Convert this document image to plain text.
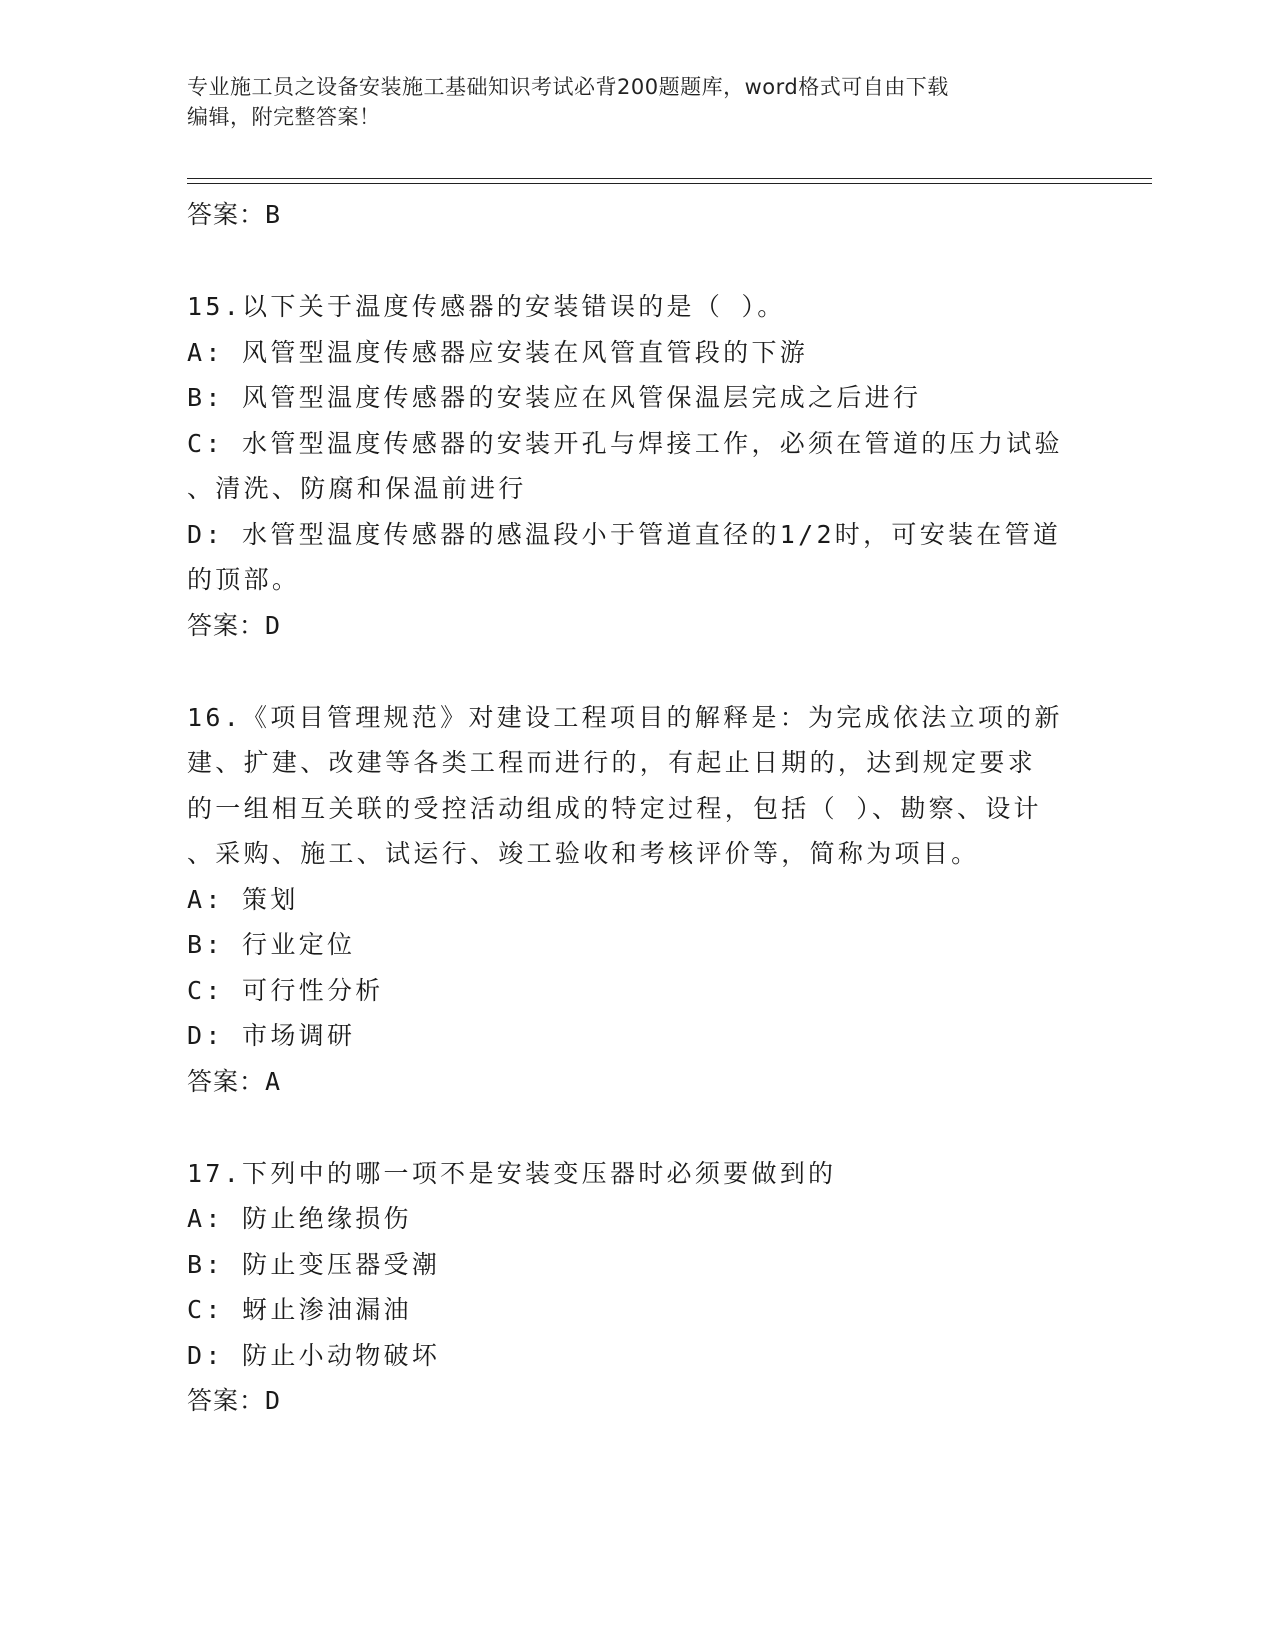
专业施工员之设备安装施工基础知识考试必背200题题库，word格式可自由下载
编辑，附完整答案！
答案：B
15.以下关于温度传感器的安装错误的是（ ）。
A: 风管型温度传感器应安装在风管直管段的下游
B: 风管型温度传感器的安装应在风管保温层完成之后进行
C: 水管型温度传感器的安装开孔与焊接工作，必须在管道的压力试验
、清洗、防腐和保温前进行
D: 水管型温度传感器的感温段小于管道直径的1/2时，可安装在管道
的顶部。
答案：D
16.《项目管理规范》对建设工程项目的解释是：为完成依法立项的新
建、扩建、改建等各类工程而进行的，有起止日期的，达到规定要求
的一组相互关联的受控活动组成的特定过程，包括（ ）、勘察、设计
、采购、施工、试运行、竣工验收和考核评价等，简称为项目。
A: 策划
B: 行业定位
C: 可行性分析
D: 市场调研
答案：A
17.下列中的哪一项不是安装变压器时必须要做到的
A: 防止绝缘损伤
B: 防止变压器受潮
C: 蚜止渗油漏油
D: 防止小动物破坏
答案：D
